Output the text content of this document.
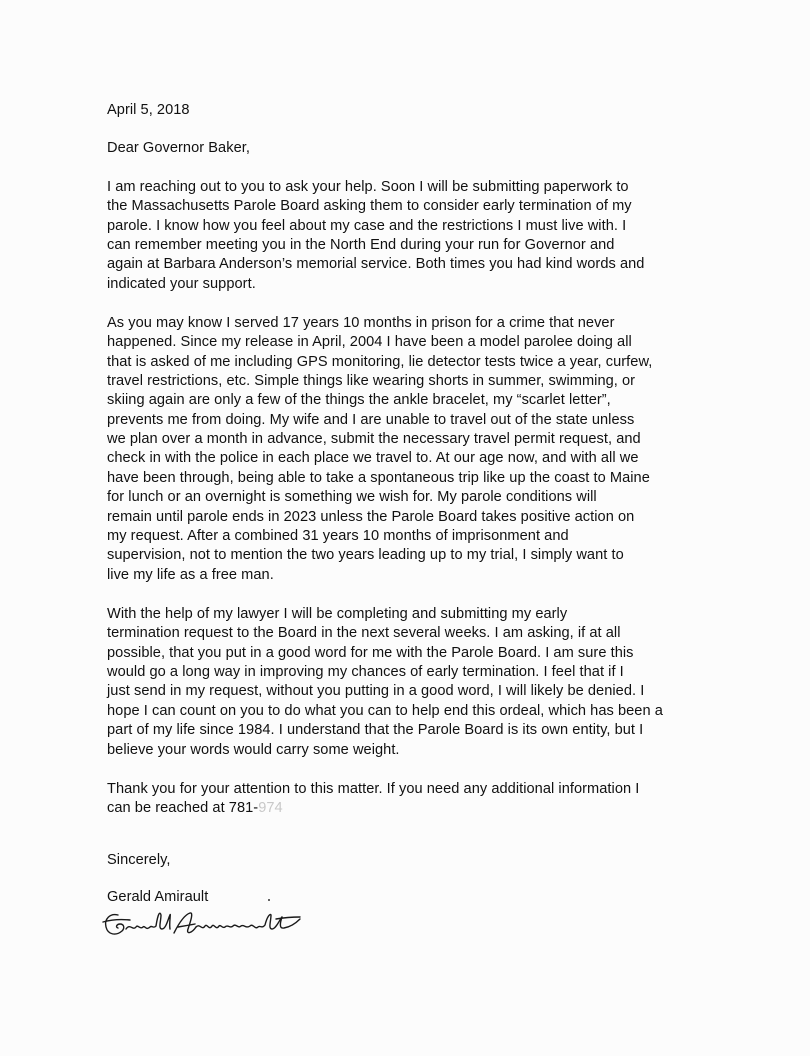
April 5, 2018
Dear Governor Baker,
I am reaching out to you to ask your help. Soon I will be submitting paperwork to
the Massachusetts Parole Board asking them to consider early termination of my
parole. I know how you feel about my case and the restrictions I must live with. I
can remember meeting you in the North End during your run for Governor and
again at Barbara Anderson’s memorial service. Both times you had kind words and
indicated your support.
As you may know I served 17 years 10 months in prison for a crime that never
happened. Since my release in April, 2004 I have been a model parolee doing all
that is asked of me including GPS monitoring, lie detector tests twice a year, curfew,
travel restrictions, etc. Simple things like wearing shorts in summer, swimming, or
skiing again are only a few of the things the ankle bracelet, my “scarlet letter”,
prevents me from doing. My wife and I are unable to travel out of the state unless
we plan over a month in advance, submit the necessary travel permit request, and
check in with the police in each place we travel to. At our age now, and with all we
have been through, being able to take a spontaneous trip like up the coast to Maine
for lunch or an overnight is something we wish for. My parole conditions will
remain until parole ends in 2023 unless the Parole Board takes positive action on
my request. After a combined 31 years 10 months of imprisonment and
supervision, not to mention the two years leading up to my trial, I simply want to
live my life as a free man.
With the help of my lawyer I will be completing and submitting my early
termination request to the Board in the next several weeks. I am asking, if at all
possible, that you put in a good word for me with the Parole Board. I am sure this
would go a long way in improving my chances of early termination. I feel that if I
just send in my request, without you putting in a good word, I will likely be denied. I
hope I can count on you to do what you can to help end this ordeal, which has been a
part of my life since 1984. I understand that the Parole Board is its own entity, but I
believe your words would carry some weight.
Thank you for your attention to this matter. If you need any additional information I
can be reached at 781-974
Sincerely,
Gerald Amirault
